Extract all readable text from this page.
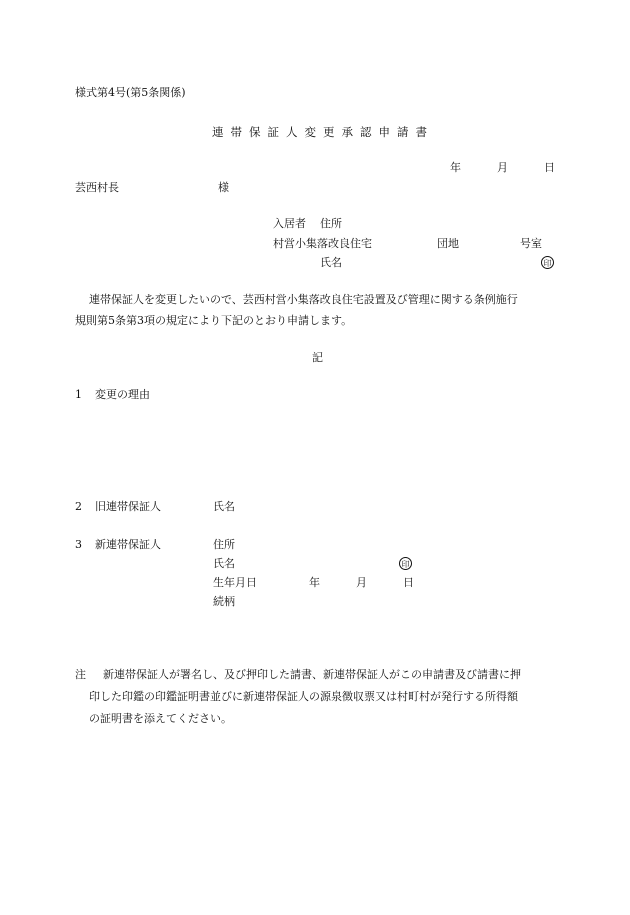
様式第4号(第5条関係)
連帯保証人変更承認申請書
年	月	日
芸西村長	様
入居者 住所
村営小集落改良住宅	団地	号室
氏名	印
連帯保証人を変更したいので、芸西村営小集落改良住宅設置及び管理に関する条例施行
規則第5条第3項の規定により下記のとおり申請します。
記
1 変更の理由
2 旧連帯保証人	氏名
3 新連帯保証人	住所
氏名	印
生年月日	年	月	日
続柄
注 新連帯保証人が署名し、及び押印した請書、新連帯保証人がこの申請書及び請書に押
印した印鑑の印鑑証明書並びに新連帯保証人の源泉徴収票又は村町村が発行する所得額
の証明書を添えてください。
